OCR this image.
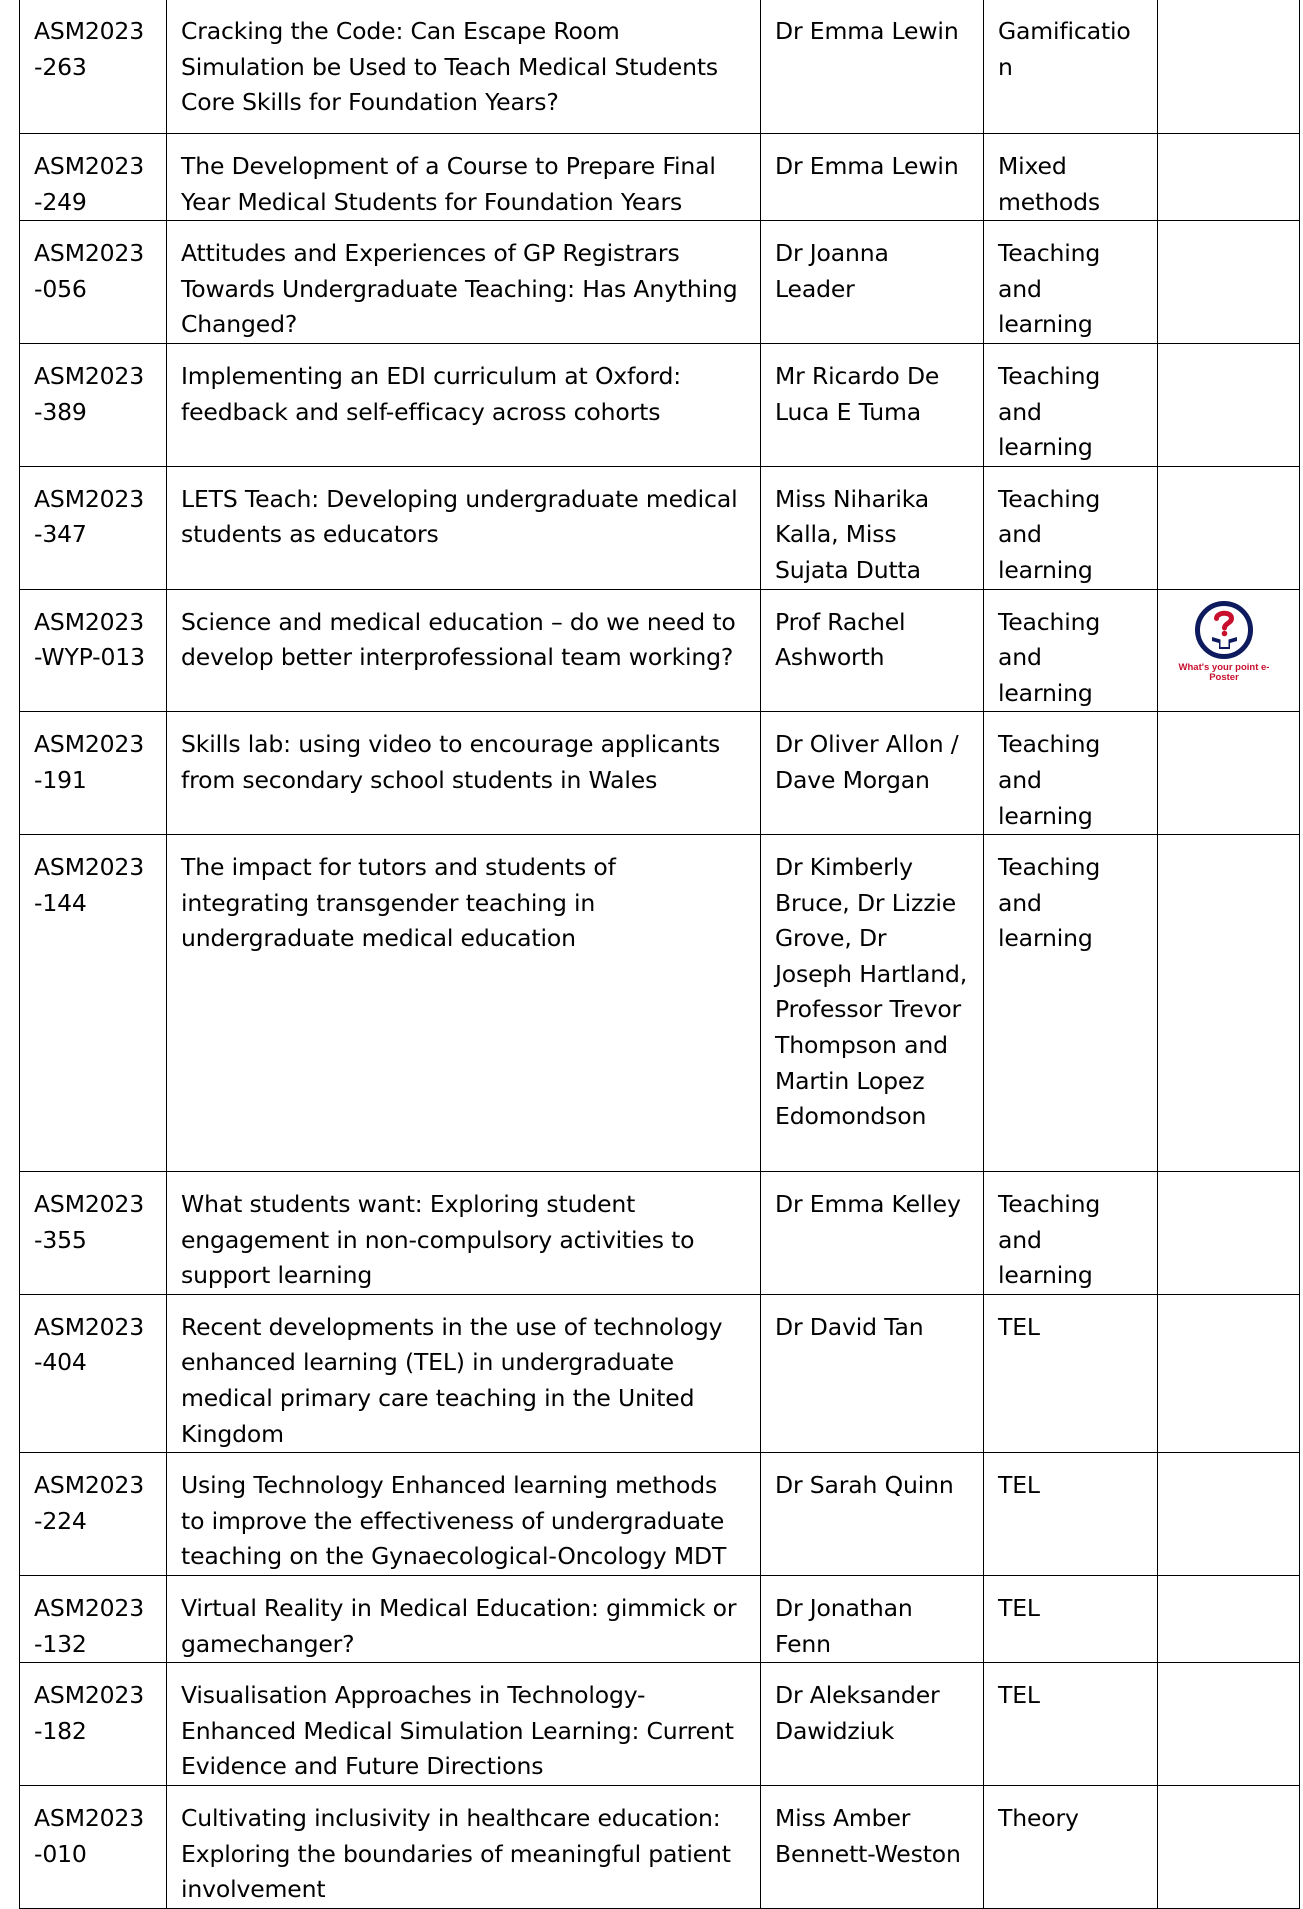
ASM2023-263	Cracking the Code: Can Escape Room Simulation be Used to Teach Medical Students Core Skills for Foundation Years?	Dr Emma Lewin	Gamification	
ASM2023-249	The Development of a Course to Prepare Final Year Medical Students for Foundation Years	Dr Emma Lewin	Mixed methods	
ASM2023-056	Attitudes and Experiences of GP Registrars Towards Undergraduate Teaching: Has Anything Changed?	Dr Joanna Leader	Teaching and learning	
ASM2023-389	Implementing an EDI curriculum at Oxford: feedback and self-efficacy across cohorts	Mr Ricardo De Luca E Tuma	Teaching and learning	
ASM2023-347	LETS Teach: Developing undergraduate medical students as educators	Miss Niharika Kalla, Miss Sujata Dutta	Teaching and learning	
ASM2023-WYP-013	Science and medical education – do we need to develop better interprofessional team working?	Prof Rachel Ashworth	Teaching and learning	What's your point e-Poster

ASM2023-191	Skills lab: using video to encourage applicants from secondary school students in Wales	Dr Oliver Allon / Dave Morgan	Teaching and learning	
ASM2023-144	The impact for tutors and students of integrating transgender teaching in undergraduate medical education	Dr Kimberly Bruce, Dr Lizzie Grove, Dr Joseph Hartland, Professor Trevor Thompson and Martin Lopez Edomondson	Teaching and learning	
ASM2023-355	What students want: Exploring student engagement in non-compulsory activities to support learning	Dr Emma Kelley	Teaching and learning	
ASM2023-404	Recent developments in the use of technology enhanced learning (TEL) in undergraduate medical primary care teaching in the United Kingdom	Dr David Tan	TEL	
ASM2023-224	Using Technology Enhanced learning methods to improve the effectiveness of undergraduate teaching on the Gynaecological-Oncology MDT	Dr Sarah Quinn	TEL	
ASM2023-132	Virtual Reality in Medical Education: gimmick or gamechanger?	Dr Jonathan Fenn	TEL	
ASM2023-182	Visualisation Approaches in Technology-Enhanced Medical Simulation Learning: Current Evidence and Future Directions	Dr Aleksander Dawidziuk	TEL	
ASM2023-010	Cultivating inclusivity in healthcare education: Exploring the boundaries of meaningful patient involvement	Miss Amber Bennett-Weston	Theory	
